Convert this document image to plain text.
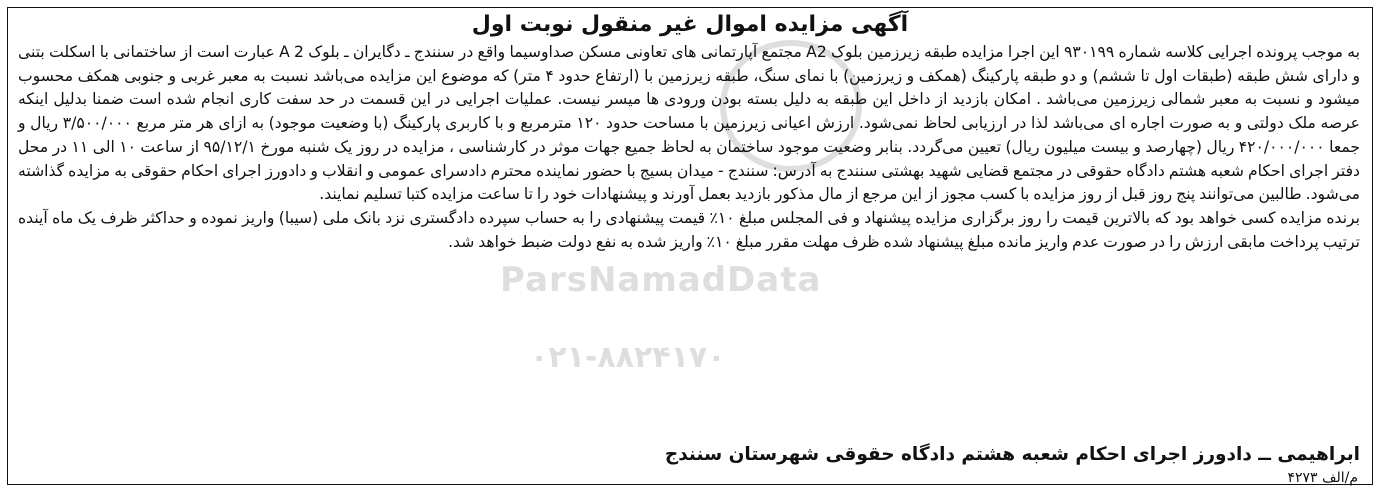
آگهی مزایده اموال غیر منقول نوبت اول

به موجب پرونده اجرایی کلاسه شماره ۹۳۰۱۹۹ این اجرا مزایده طبقه زیرزمین بلوک A2 مجتمع آپارتمانی های تعاونی مسکن صداوسیما واقع در سنندج ـ دگایران ـ بلوک A 2 عبارت است از ساختمانی با اسکلت بتنی و دارای شش طبقه (طبقات اول تا ششم) و دو طبقه پارکینگ (همکف و زیرزمین) با نمای سنگ، طبقه زیرزمین با (ارتفاع حدود ۴ متر) که موضوع این مزایده می‌باشد نسبت به معبر غربی و جنوبی همکف محسوب میشود و نسبت به معبر شمالی زیرزمین می‌باشد . امکان بازدید از داخل این طبقه به دلیل بسته بودن ورودی ها میسر نیست. عملیات اجرایی در این قسمت در حد سفت کاری انجام شده است ضمنا بدلیل اینکه عرصه ملک دولتی و به صورت اجاره ای می‌باشد لذا در ارزیابی لحاظ نمی‌شود. ارزش اعیانی زیرزمین با مساحت حدود ۱۲۰ مترمربع و با کاربری پارکینگ (با وضعیت موجود) به ازای هر متر مربع ۳/۵۰۰/۰۰۰ ریال و جمعا ۴۲۰/۰۰۰/۰۰۰ ریال (چهارصد و بیست میلیون ریال) تعیین می‌گردد. بنابر وضعیت موجود ساختمان به لحاظ جمیع جهات موثر در کارشناسی ، مزایده در روز یک شنبه مورخ ۹۵/۱۲/۱ از ساعت ۱۰ الی ۱۱ در محل دفتر اجرای احکام شعبه هشتم دادگاه حقوقی در مجتمع قضایی شهید بهشتی سنندج به آدرس: سنندج - میدان بسیج با حضور نماینده محترم دادسرای عمومی و انقلاب و دادورز اجرای احکام حقوقی به مزایده گذاشته می‌شود. طالبین می‌توانند پنج روز قبل از روز مزایده با کسب مجوز از این مرجع از مال مذکور بازدید بعمل آورند و پیشنهادات خود را تا ساعت مزایده کتبا تسلیم نمایند.

برنده مزایده کسی خواهد بود که بالاترین قیمت را روز برگزاری مزایده پیشنهاد و فی المجلس مبلغ ۱۰٪ قیمت پیشنهادی را به حساب سپرده دادگستری نزد بانک ملی (سیبا) واریز نموده و حداکثر ظرف یک ماه آینده ترتیب پرداخت مابقی ارزش را در صورت عدم واریز مانده مبلغ پیشنهاد شده ظرف مهلت مقرر مبلغ ۱۰٪ واریز شده به نفع دولت ضبط خواهد شد.

ابراهیمی ــ دادورز اجرای احکام شعبه هشتم دادگاه حقوقی شهرستان سنندج
م/الف ۴۲۷۳
ParsNamadData
۰۲۱-۸۸۲۴۱۷۰
